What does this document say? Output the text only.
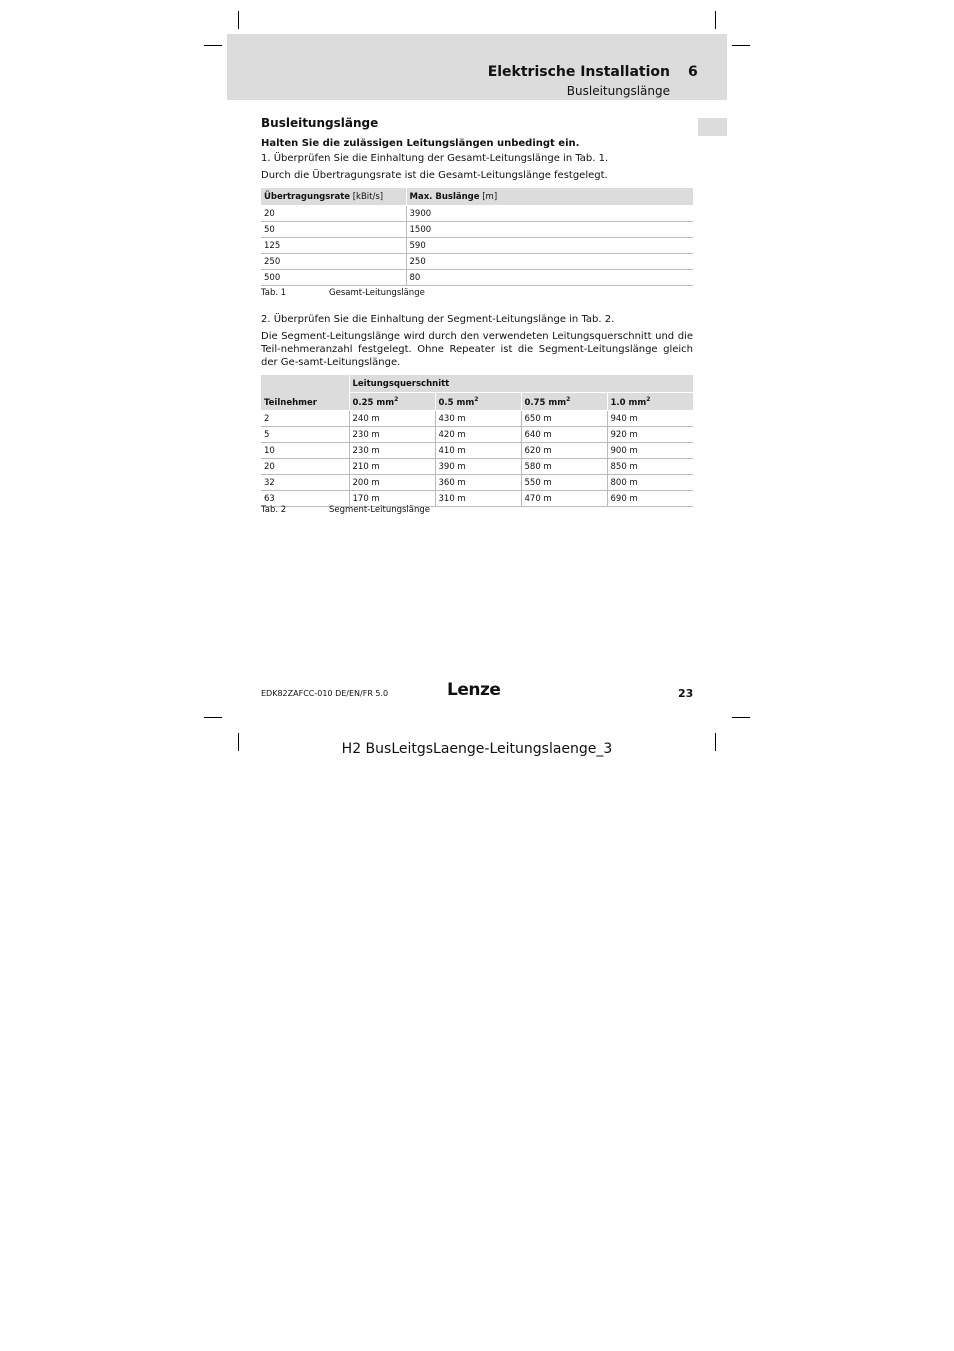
Elektrische Installation 6
Busleitungslänge
Busleitungslänge
Halten Sie die zulässigen Leitungslängen unbedingt ein.
1. Überprüfen Sie die Einhaltung der Gesamt-Leitungslänge in Tab. 1.
Durch die Übertragungsrate ist die Gesamt-Leitungslänge festgelegt.
Übertragungsrate [kBit/s]	Max. Buslänge [m]
20	3900
50	1500
125	590
250	250
500	80
Tab. 1	Gesamt-Leitungslänge
2. Überprüfen Sie die Einhaltung der Segment-Leitungslänge in Tab. 2.
Die Segment-Leitungslänge wird durch den verwendeten Leitungsquerschnitt und die Teil-nehmeranzahl festgelegt. Ohne Repeater ist die Segment-Leitungslänge gleich der Ge-samt-Leitungslänge.
Teilnehmer	Leitungsquerschnitt			
	0.25 $mm^2$	0.5 $mm^2$	0.75 $mm^2$	1.0 $mm^2$
2	240 m	430 m	650 m	940 m
5	230 m	420 m	640 m	920 m
10	230 m	410 m	620 m	900 m
20	210 m	390 m	580 m	850 m
32	200 m	360 m	550 m	800 m
63	170 m	310 m	470 m	690 m
Tab. 2	Segment-Leitungslänge
EDK82ZAFCC-010 DE/EN/FR 5.0	Lenze	23
H2 BusLeitgsLaenge-Leitungslaenge_3
